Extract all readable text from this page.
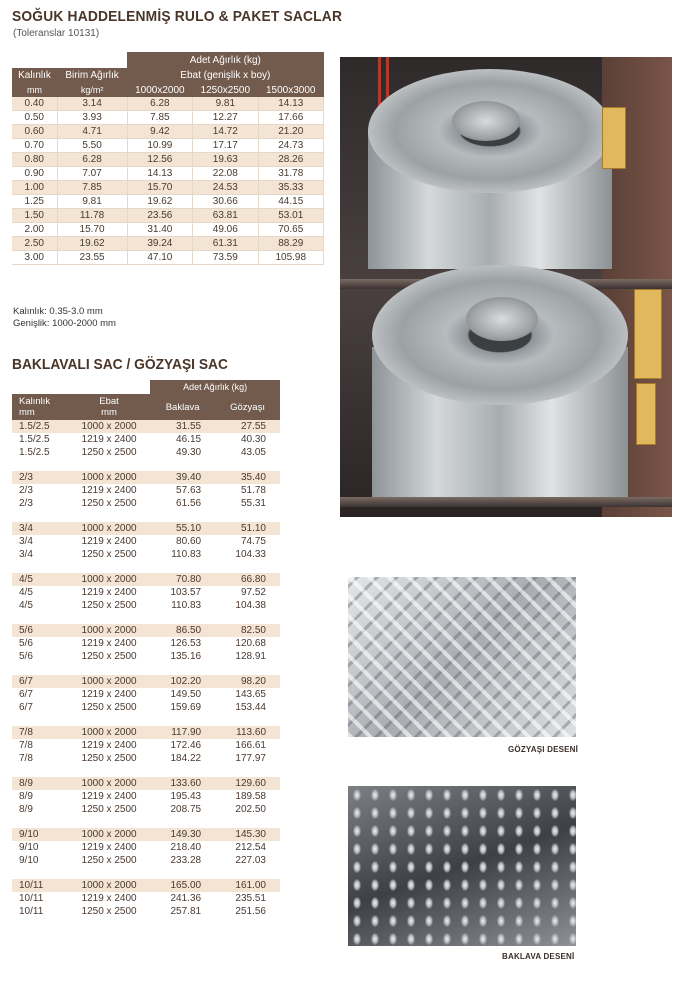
SOĞUK HADDELENMİŞ RULO & PAKET SACLAR
(Toleranslar 10131)
		Adet Ağırlık (kg)		
Kalınlık	Birim Ağırlık	Ebat (genişlik x boy)		
mm	kg/m²	1000x2000	1250x2500	1500x3000
0.40	3.14	6.28	9.81	14.13
0.50	3.93	7.85	12.27	17.66
0.60	4.71	9.42	14.72	21.20
0.70	5.50	10.99	17.17	24.73
0.80	6.28	12.56	19.63	28.26
0.90	7.07	14.13	22.08	31.78
1.00	7.85	15.70	24.53	35.33
1.25	9.81	19.62	30.66	44.15
1.50	11.78	23.56	63.81	53.01
2.00	15.70	31.40	49.06	70.65
2.50	19.62	39.24	61.31	88.29
3.00	23.55	47.10	73.59	105.98
Kalınlık: 0.35-3.0 mm
Genişlik: 1000-2000 mm
BAKLAVALI SAC / GÖZYAŞI SAC
		Adet Ağırlık (kg)	
Kalınlık
mm	Ebat
mm	Baklava	Gözyaşı
1.5/2.5	1000 x 2000	31.55	27.55
1.5/2.5	1219 x 2400	46.15	40.30
1.5/2.5	1250 x 2500	49.30	43.05

2/3	1000 x 2000	39.40	35.40
2/3	1219 x 2400	57.63	51.78
2/3	1250 x 2500	61.56	55.31

3/4	1000 x 2000	55.10	51.10
3/4	1219 x 2400	80.60	74.75
3/4	1250 x 2500	110.83	104.33

4/5	1000 x 2000	70.80	66.80
4/5	1219 x 2400	103.57	97.52
4/5	1250 x 2500	110.83	104.38

5/6	1000 x 2000	86.50	82.50
5/6	1219 x 2400	126.53	120.68
5/6	1250 x 2500	135.16	128.91

6/7	1000 x 2000	102.20	98.20
6/7	1219 x 2400	149.50	143.65
6/7	1250 x 2500	159.69	153.44

7/8	1000 x 2000	117.90	113.60
7/8	1219 x 2400	172.46	166.61
7/8	1250 x 2500	184.22	177.97

8/9	1000 x 2000	133.60	129.60
8/9	1219 x 2400	195.43	189.58
8/9	1250 x 2500	208.75	202.50

9/10	1000 x 2000	149.30	145.30
9/10	1219 x 2400	218.40	212.54
9/10	1250 x 2500	233.28	227.03

10/11	1000 x 2000	165.00	161.00
10/11	1219 x 2400	241.36	235.51
10/11	1250 x 2500	257.81	251.56
GÖZYAŞI DESENİ
BAKLAVA DESENİ
